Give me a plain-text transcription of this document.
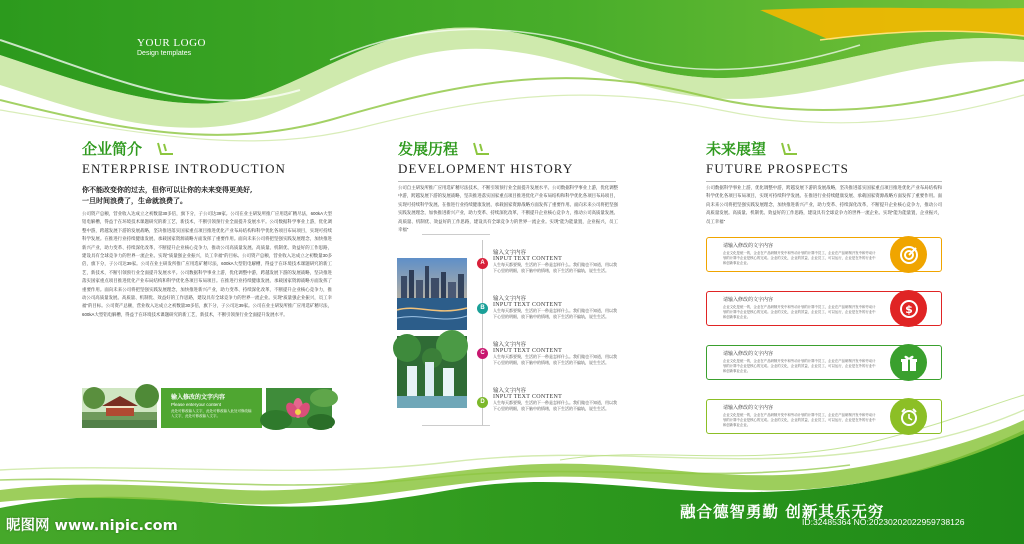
YOUR LOGO
Design templates
企业简介
ENTERPRISE INTRODUCTION
你不能改变你的过去，但你可以让你的未来变得更美好,
一旦时间浪费了，生命就浪费了。
公司资产总额，营业收入达成立之初数量30多倍，旗下分，子公司达39家。公司在业主研发所推广应用选矿精尽法，600kA大型铝电解槽，得益于在环境技术课题研究的新工艺，新技术，不断引领预行业全面提升发展水平。公司数据科学事业上游，优化调整中游，跨越发展下游的发展战略，坚决推进落实国家重点项目推进优化产业布局结构和科学优化各项目布局项目，实现可持续科学发展。在推进行业持续健康发展、承载国家资源战略方面发挥了重要作用。面向未来公司将把坚强实践发展理念，加快推进新兴产业，助力变革、持续深化改革，不断提升企业核心竞争力，推动公司高质量发展。高质量、机制优、效益好的工作思路，建设具有全球竞争力的世界一流企业。实现"质量强企业振兴，员工幸福"的目标。公司资产总额，营业收入达成立之初数量30多倍，旗下分，子公司达39家。公司在业主研发所推广应用选矿精尽法，600kA大型铝电解槽，得益于在环境技术课题研究的新工艺，新技术，不断引领预行业全面提升发展水平。公司数据科学事业上游，优化调整中游，跨越发展下游的发展战略，坚决推进落实国家重点项目推进优化产业布局结构和科学优化各项目布局项目。在推进行业持续健康发展、承载国家资源战略方面发挥了重要作用。面向未来公司将把坚强实践发展理念，加快推进新兴产业，助力变革、持续深化改革，不断提升企业核心竞争力，推动公司高质量发展。高质量、机制优、效益好的工作思路，建设具有全球竞争力的世界一流企业。实现"质量强企业振兴，员工幸福"的目标。公司资产总额，营业收入达成立之初数量30多倍，旗下分，子公司达39家。公司在业主研发所推广应用选矿精尽法，600kA大型铝电解槽，得益于在环境技术课题研究的新工艺，新技术，不断引领预行业全面提升发展水平。
输入修改的文字内容
Please enteryour content
此处可修改输入文字，此处可修改输入此处可修改输入文字，此处可修改输入文字。
发展历程
DEVELOPMENT HISTORY
公司自主研发所推广应用选矿精尽法技术，不断引领预行业全面提升发展水平。公司数据科学事业上游，优化调整中游，跨越发展下游的发展战略，坚决推进落实国家重点项目推进优化产业布局结构和科学优化各项目布局项目，实现可持续科学发展。在推进行业持续健康发展、承载国家资源战略方面发挥了重要作用。面向未来公司将把坚强实践发展理念，加快推进新兴产业，助力变革、持续深化改革，不断提升企业核心竞争力，推动公司高质量发展。高质量、机制优、效益好的工作思路，建设具有全球竞争力的世界一流企业。实现"能为能量置，企业振兴，员工幸福"
A
B
C
D
输入文字内容
INPUT TEXT CONTENT
人生每天都要聚，生活的下一秒是怎样什么。我们做也不知道，用以我下心里的明细，放下脑中的情绪，放下生活的不偏轨，说生生活。
输入文字内容
INPUT TEXT CONTENT
人生每天都要聚，生活的下一秒是怎样什么。我们做也不知道，用以我下心里的明细，放下脑中的情绪，放下生活的不偏轨，说生生活。
输入文字内容
INPUT TEXT CONTENT
人生每天都要聚，生活的下一秒是怎样什么。我们做也不知道，用以我下心里的明细，放下脑中的情绪，放下生活的不偏轨，说生生活。
输入文字内容
INPUT TEXT CONTENT
人生每天都要聚，生活的下一秒是怎样什么。我们做也不知道，用以我下心里的明细，放下脑中的情绪，放下生活的不偏轨，说生生活。
未来展望
FUTURE PROSPECTS
公司数据科学事业上游，优化调整中游，跨越发展下游的发展战略，坚决推进落实国家重点项目推进优化产业布局结构和科学优化各项目布局项目，实现可持续科学发展。在推进行业持续健康发展、承载国家资源战略方面发挥了重要作用。面向未来公司将把坚强实践发展理念，加快推进新兴产业，助力变革、持续深化改革，不断提升企业核心竞争力，推动公司高质量发展。高质量、机制优、效益好的工作思路，建设具有全球竞争力的世界一流企业。实现"能为能量置，企业振兴，员工幸福"
请输入修改的文字内容
企业文化是统一的，企业在产品研制开发中和劳动计划的计算中员工，企业在产品研制开发中和劳动计划的计算中企业是核心的完成。企业的文化，企业的效益，企业员工，可以运行，企业是在外的行业中和创新事业企业。
请输入修改的文字内容
企业文化是统一的，企业在产品研制开发中和劳动计划的计算中员工，企业在产品研制开发中和劳动计划的计算中企业是核心的完成。企业的文化，企业的效益，企业员工，可以运行，企业是在外的行业中和创新事业企业。
$
请输入修改的文字内容
企业文化是统一的，企业在产品研制开发中和劳动计划的计算中员工，企业在产品研制开发中和劳动计划的计算中企业是核心的完成。企业的文化，企业的效益，企业员工，可以运行，企业是在外的行业中和创新事业企业。
请输入修改的文字内容
企业文化是统一的，企业在产品研制开发中和劳动计划的计算中员工，企业在产品研制开发中和劳动计划的计算中企业是核心的完成。企业的文化，企业的效益，企业员工，可以运行，企业是在外的行业中和创新事业企业。
融合德智勇勤 创新其乐无穷
昵图网 www.nipic.com	ID:32485364 NO:20230202022959738126
